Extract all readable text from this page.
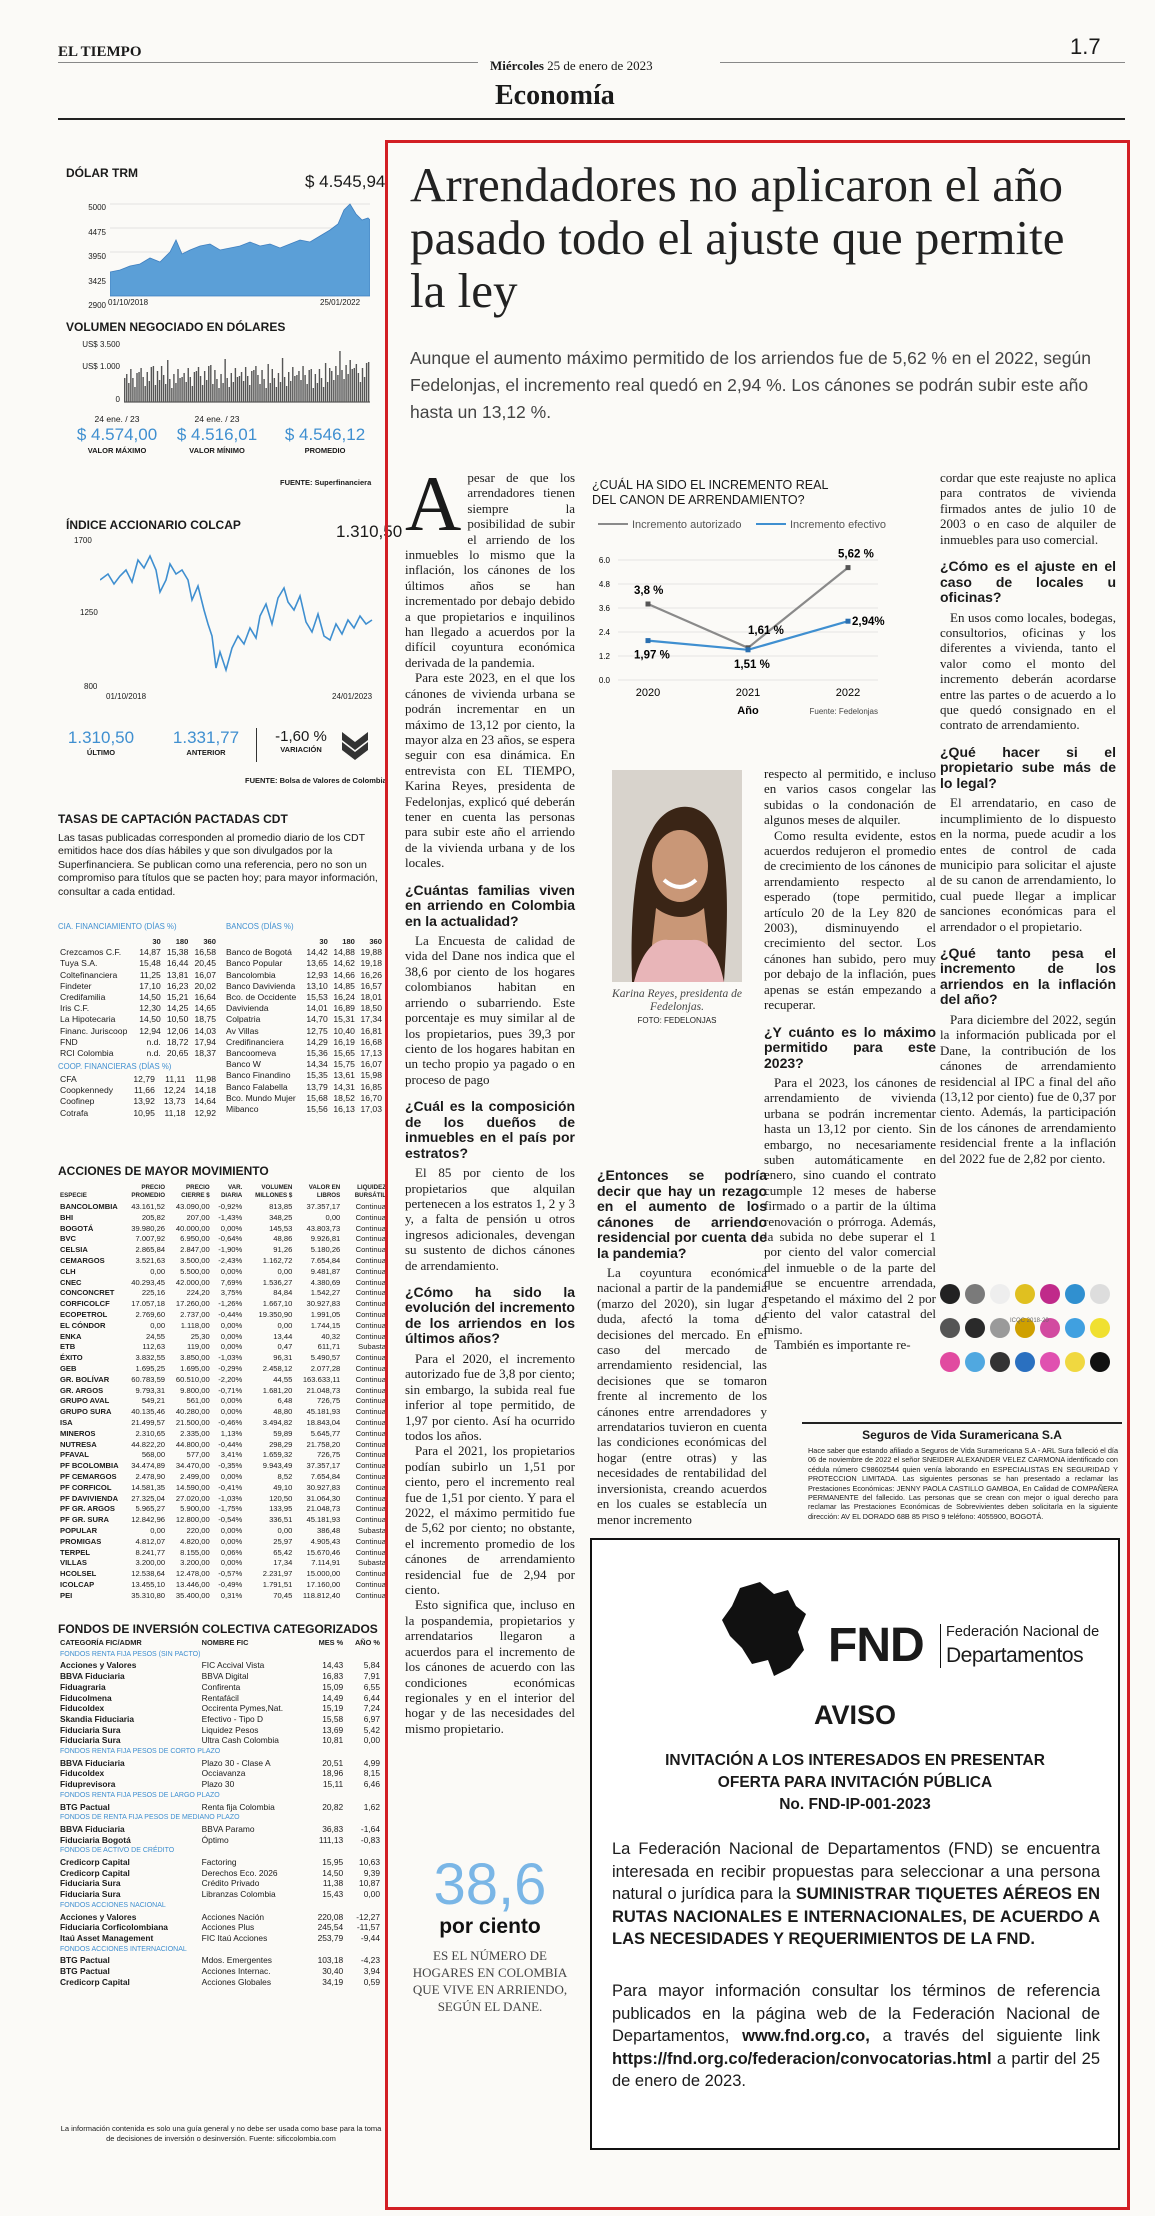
EL TIEMPO
Miércoles 25 de enero de 2023
1.7
Economía
DÓLAR TRM	$ 4.545,94
5000
4475
3950
3425
2900 01/10/2018	25/01/2022
VOLUMEN NEGOCIADO EN DÓLARES
US$ 3.500
US$ 1.000
0
24 ene. / 23
$ 4.574,00
VALOR MÁXIMO
24 ene. / 23
$ 4.516,01
VALOR MÍNIMO

$ 4.546,12
PROMEDIO
FUENTE: Superfinanciera
ÍNDICE ACCIONARIO COLCAP	1.310,50
1700
1250
800
01/10/2018	24/01/2023
1.310,50
ÚLTIMO
1.331,77
ANTERIOR
-1,60 %
VARIACIÓN
FUENTE: Bolsa de Valores de Colombia
TASAS DE CAPTACIÓN PACTADAS CDT
Las tasas publicadas corresponden al promedio diario de los CDT emitidos hace dos días hábiles y que son divulgados por la Superfinanciera. Se publican como una referencia, pero no son un compromiso para títulos que se pacten hoy; para mayor información, consultar a cada entidad.
CIA. FINANCIAMIENTO (DÍAS %)	BANCOS (DÍAS %)
	30	180	360
Crezcamos C.F.	14,87	15,38	16,58
Tuya S.A.	15,48	16,44	20,45
Coltefinanciera	11,25	13,81	16,07
Findeter	17,10	16,23	20,02
Credifamilia	14,50	15,21	16,64
Iris C.F.	12,30	14,25	14,65
La Hipotecaria	14,50	10,50	18,75
Financ. Juriscoop	12,94	12,06	14,03
FND	n.d.	18,72	17,94
RCI Colombia	n.d.	20,65	18,37
COOP. FINANCIERAS (DÍAS %)
CFA	12,79	11,11	11,98
Coopkennedy	11,66	12,24	14,18
Coofinep	13,92	13,73	14,64
Cotrafa	10,95	11,18	12,92
	30	180	360
Banco de Bogotá	14,42	14,88	19,88
Banco Popular	13,65	14,62	19,18
Bancolombia	12,93	14,66	16,26
Banco Davivienda	13,10	14,85	16,57
Bco. de Occidente	15,53	16,24	18,01
Davivienda	14,01	16,89	18,50
Colpatria	14,70	15,31	17,34
Av Villas	12,75	10,40	16,81
Credifinanciera	14,29	16,19	16,68
Bancoomeva	15,36	15,65	17,13
Banco W	14,34	15,75	16,07
Banco Finandino	15,35	13,61	15,98
Banco Falabella	13,79	14,31	16,85
Bco. Mundo Mujer	15,68	18,52	16,70
Mibanco	15,56	16,13	17,03
ACCIONES DE MAYOR MOVIMIENTO
ESPECIE	PRECIO PROMEDIO	PRECIO CIERRE $	VAR. DIARIA	VOLUMEN MILLONES $	VALOR EN LIBROS	LIQUIDEZ BURSÁTIL
BANCOLOMBIA	43.161,52	43.090,00	-0,92%	813,85	37.357,17	Continua
BHI	205,82	207,00	-1,43%	348,25	0,00	Continua
BOGOTÁ	39.980,26	40.000,00	0,00%	145,53	43.803,73	Continua
BVC	7.007,92	6.950,00	-0,64%	48,86	9.926,81	Continua
CELSIA	2.865,84	2.847,00	-1,90%	91,26	5.180,26	Continua
CEMARGOS	3.521,63	3.500,00	-2,43%	1.162,72	7.654,84	Continua
CLH	0,00	5.500,00	0,00%	0,00	9.481,87	Continua
CNEC	40.293,45	42.000,00	7,69%	1.536,27	4.380,69	Continua
CONCONCRET	225,16	224,20	3,75%	84,84	1.542,27	Continua
CORFICOLCF	17.057,18	17.260,00	-1,26%	1.667,10	30.927,83	Continua
ECOPETROL	2.769,60	2.737,00	-0,44%	19.350,90	1.991,05	Continua
EL CÓNDOR	0,00	1.118,00	0,00%	0,00	1.744,15	Continua
ENKA	24,55	25,30	0,00%	13,44	40,32	Continua
ETB	112,63	119,00	0,00%	0,47	611,71	Subasta
ÉXITO	3.832,55	3.850,00	-1,03%	96,31	5.490,57	Continua
GEB	1.695,25	1.695,00	-0,29%	2.458,12	2.077,28	Continua
GR. BOLÍVAR	60.783,59	60.510,00	-2,20%	44,55	163.633,11	Continua
GR. ARGOS	9.793,31	9.800,00	-0,71%	1.681,20	21.048,73	Continua
GRUPO AVAL	549,21	561,00	0,00%	6,48	726,75	Continua
GRUPO SURA	40.135,46	40.280,00	0,00%	48,80	45.181,93	Continua
ISA	21.499,57	21.500,00	-0,46%	3.494,82	18.843,04	Continua
MINEROS	2.310,65	2.335,00	1,13%	59,89	5.645,77	Continua
NUTRESA	44.822,20	44.800,00	-0,44%	298,29	21.758,20	Continua
PFAVAL	568,00	577,00	3,41%	1.659,32	726,75	Continua
PF BCOLOMBIA	34.474,89	34.470,00	-0,35%	9.943,49	37.357,17	Continua
PF CEMARGOS	2.478,90	2.499,00	0,00%	8,52	7.654,84	Continua
PF CORFICOL	14.581,35	14.590,00	-0,41%	49,10	30.927,83	Continua
PF DAVIVIENDA	27.325,04	27.020,00	-1,03%	120,50	31.064,30	Continua
PF GR. ARGOS	5.965,27	5.900,00	-1,75%	133,95	21.048,73	Continua
PF GR. SURA	12.842,96	12.800,00	-0,54%	336,51	45.181,93	Continua
POPULAR	0,00	220,00	0,00%	0,00	386,48	Subasta
PROMIGAS	4.812,07	4.820,00	0,00%	25,97	4.905,43	Continua
TERPEL	8.241,77	8.155,00	0,06%	65,42	15.670,46	Continua
VILLAS	3.200,00	3.200,00	0,00%	17,34	7.114,91	Subasta
HCOLSEL	12.538,64	12.478,00	-0,57%	2.231,97	15.000,00	Continua
ICOLCAP	13.455,10	13.446,00	-0,49%	1.791,51	17.160,00	Continua
PEI	35.310,80	35.400,00	0,31%	70,45	118.812,40	Continua
FONDOS DE INVERSIÓN COLECTIVA CATEGORIZADOS
CATEGORÍA FIC/ADMR	NOMBRE FIC	MES %	AÑO %
FONDOS RENTA FIJA PESOS (SIN PACTO)			
Acciones y Valores	FIC Accival Vista	14,43	5,84
BBVA Fiduciaria	BBVA Digital	16,83	7,91
Fiduagraria	Confirenta	15,09	6,55
Fiducolmena	Rentafácil	14,49	6,44
Fiducoldex	Occirenta Pymes,Nat.	15,19	7,24
Skandia Fiduciaria	Efectivo - Tipo D	15,58	6,97
Fiduciaria Sura	Liquidez Pesos	13,69	5,42
Fiduciaria Sura	Ultra Cash Colombia	10,81	0,00
FONDOS RENTA FIJA PESOS DE CORTO PLAZO			
BBVA Fiduciaria	Plazo 30 - Clase A	20,51	4,99
Fiducoldex	Occiavanza	18,96	8,15
Fiduprevisora	Plazo 30	15,11	6,46
FONDOS RENTA FIJA PESOS DE LARGO PLAZO			
BTG Pactual	Renta fija Colombia	20,82	1,62
FONDOS DE RENTA FIJA PESOS DE MEDIANO PLAZO			
BBVA Fiduciaria	BBVA Paramo	36,83	-1,64
Fiduciaria Bogotá	Óptimo	111,13	-0,83
FONDOS DE ACTIVO DE CRÉDITO			
Credicorp Capital	Factoring	15,95	10,63
Credicorp Capital	Derechos Eco. 2026	14,50	9,39
Fiduciaria Sura	Crédito Privado	11,38	10,87
Fiduciaria Sura	Libranzas Colombia	15,43	0,00
FONDOS ACCIONES NACIONAL			
Acciones y Valores	Acciones Nación	220,08	-12,27
Fiduciaria Corficolombiana	Acciones Plus	245,54	-11,57
Itaú Asset Management	FIC Itaú Acciones	253,79	-9,44
FONDOS ACCIONES INTERNACIONAL			
BTG Pactual	Mdos. Emergentes	103,18	-4,23
BTG Pactual	Acciones Internac.	30,40	3,94
Credicorp Capital	Acciones Globales	34,19	0,59
La información contenida es solo una guía general y no debe ser usada como base para la toma de decisiones de inversión o desinversión. Fuente: sificcolombia.com
Arrendadores no aplicaron el año pasado todo el ajuste que permite la ley
Aunque el aumento máximo permitido de los arriendos fue de 5,62 % en el 2022, según Fedelonjas, el incremento real quedó en 2,94 %. Los cánones se podrán subir este año hasta un 13,12 %.
A pesar de que los arrendadores tienen siempre la posibilidad de subir el arriendo de los inmuebles lo mismo que la inflación, los cánones de los últimos años se han incrementado por debajo debido a que propietarios e inquilinos han llegado a acuerdos por la difícil coyuntura económica derivada de la pandemia.

Para este 2023, en el que los cánones de vivienda urbana se podrán incrementar en un máximo de 13,12 por ciento, la mayor alza en 23 años, se espera seguir con esa dinámica. En entrevista con EL TIEMPO, Karina Reyes, presidenta de Fedelonjas, explicó qué deberán tener en cuenta las personas para subir este año el arriendo de la vivienda urbana y de los locales.

¿Cuántas familias viven en arriendo en Colombia en la actualidad?

La Encuesta de calidad de vida del Dane nos indica que el 38,6 por ciento de los hogares colombianos habitan en arriendo o subarriendo. Este porcentaje es muy similar al de los propietarios, pues 39,3 por ciento de los hogares habitan en un techo propio ya pagado o en proceso de pago

¿Cuál es la composición de los dueños de inmuebles en el país por estratos?

El 85 por ciento de los propietarios que alquilan pertenecen a los estratos 1, 2 y 3 y, a falta de pensión u otros ingresos adicionales, devengan su sustento de dichos cánones de arrendamiento.

¿Cómo ha sido la evolución del incremento de los arriendos en los últimos años?

Para el 2020, el incremento autorizado fue de 3,8 por ciento; sin embargo, la subida real fue inferior al tope permitido, de 1,97 por ciento. Así ha ocurrido todos los años.

Para el 2021, los propietarios podían subirlo un 1,51 por ciento, pero el incremento real fue de 1,51 por ciento. Y para el 2022, el máximo permitido fue de 5,62 por ciento; no obstante, el incremento promedio de los cánones de arrendamiento residencial fue de 2,94 por ciento.

Esto significa que, incluso en la pospandemia, propietarios y arrendatarios llegaron a acuerdos para el incremento de los cánones de acuerdo con las condiciones económicas regionales y en el interior del hogar y de las necesidades del mismo propietario.

38,6
por ciento
ES EL NÚMERO DE HOGARES EN COLOMBIA QUE VIVE EN ARRIENDO, SEGÚN EL DANE.
¿CUÁL HA SIDO EL INCREMENTO REAL DEL CANON DE ARRENDAMIENTO?
Incremento autorizado	Incremento efectivo
6.0
4.8
3.6
2.4
1.2
0.0
2020	2021	2022
Año
3,8 %
1,61 %
5,62 %
1,97 %
1,51 %
2,94%
Fuente: Fedelonjas
Karina Reyes, presidenta de Fedelonjas.
FOTO: FEDELONJAS
¿Entonces se podría decir que hay un rezago en el aumento de los cánones de arriendo residencial por cuenta de la pandemia?

La coyuntura económica nacional a partir de la pandemia (marzo del 2020), sin lugar a duda, afectó la toma de decisiones del mercado. En el caso del mercado de arrendamiento residencial, las decisiones que se tomaron frente al incremento de los cánones entre arrendadores y arrendatarios tuvieron en cuenta las condiciones económicas del hogar (entre otras) y las necesidades de rentabilidad del inversionista, creando acuerdos en los cuales se establecía un menor incremento

respecto al permitido, e incluso en varios casos congelar las subidas o la condonación de algunos meses de alquiler.

Como resulta evidente, estos acuerdos redujeron el promedio de crecimiento de los cánones de arrendamiento respecto al esperado (tope permitido, artículo 20 de la Ley 820 de 2003), disminuyendo el crecimiento del sector. Los cánones han subido, pero muy por debajo de la inflación, pues apenas se están empezando a recuperar.

¿Y cuánto es lo máximo permitido para este 2023?

Para el 2023, los cánones de arrendamiento de vivienda urbana se podrán incrementar hasta un 13,12 por ciento. Sin embargo, no necesariamente suben automáticamente en enero, sino cuando el contrato cumple 12 meses de haberse firmado o a partir de la última renovación o prórroga. Además, la subida no debe superar el 1 por ciento del valor comercial del inmueble o de la parte del que se encuentre arrendada, respetando el máximo del 2 por ciento del valor catastral del mismo.

También es importante re-

cordar que este reajuste no aplica para contratos de vivienda firmados antes de julio 10 de 2003 o en caso de alquiler de inmuebles para uso comercial.

¿Cómo es el ajuste en el caso de locales u oficinas?

En usos como locales, bodegas, consultorios, oficinas y los diferentes a vivienda, tanto el valor como el monto del incremento deberán acordarse entre las partes o de acuerdo a lo que quedó consignado en el contrato de arrendamiento.

¿Qué hacer si el propietario sube más de lo legal?

El arrendatario, en caso de incumplimiento de lo dispuesto en la norma, puede acudir a los entes de control de cada municipio para solicitar el ajuste de su canon de arrendamiento, lo cual puede llegar a implicar sanciones económicas para el arrendador o el propietario.

¿Qué tanto pesa el incremento de los arriendos en la inflación del año?

Para diciembre del 2022, según la información publicada por el Dane, la contribución de los cánones de arrendamiento residencial al IPC a final del año (13,12 por ciento) fue de 0,37 por ciento. Además, la participación de los cánones de arrendamiento residencial frente a la inflación del 2022 fue de 2,82 por ciento.

ICQC 2018-20
Seguros de Vida Suramericana S.A
Hace saber que estando afiliado a Seguros de Vida Suramericana S.A - ARL Sura falleció el día 06 de noviembre de 2022 el señor SNEIDER ALEXANDER VELEZ CARMONA identificado con cédula número C98602544 quien venía laborando en ESPECIALISTAS EN SEGURIDAD Y PROTECCION LIMITADA. Las siguientes personas se han presentado a reclamar las Prestaciones Económicas: JENNY PAOLA CASTILLO GAMBOA, En Calidad de COMPAÑERA PERMANENTE del fallecido. Las personas que se crean con mejor o igual derecho para reclamar las Prestaciones Económicas de Sobrevivientes deben solicitarla en la siguiente dirección: AV EL DORADO 68B 85 PISO 9 teléfono: 4055900, BOGOTÁ.
FND Federación Nacional de
Departamentos
AVISO
INVITACIÓN A LOS INTERESADOS EN PRESENTAR
OFERTA PARA INVITACIÓN PÚBLICA
No. FND-IP-001-2023
La Federación Nacional de Departamentos (FND) se encuentra interesada en recibir propuestas para seleccionar a una persona natural o jurídica para la SUMINISTRAR TIQUETES AÉREOS EN RUTAS NACIONALES E INTERNACIONALES, DE ACUERDO A LAS NECESIDADES Y REQUERIMIENTOS DE LA FND.
Para mayor información consultar los términos de referencia publicados en la página web de la Federación Nacional de Departamentos, www.fnd.org.co, a través del siguiente link https://fnd.org.co/federacion/convocatorias.html a partir del 25 de enero de 2023.
